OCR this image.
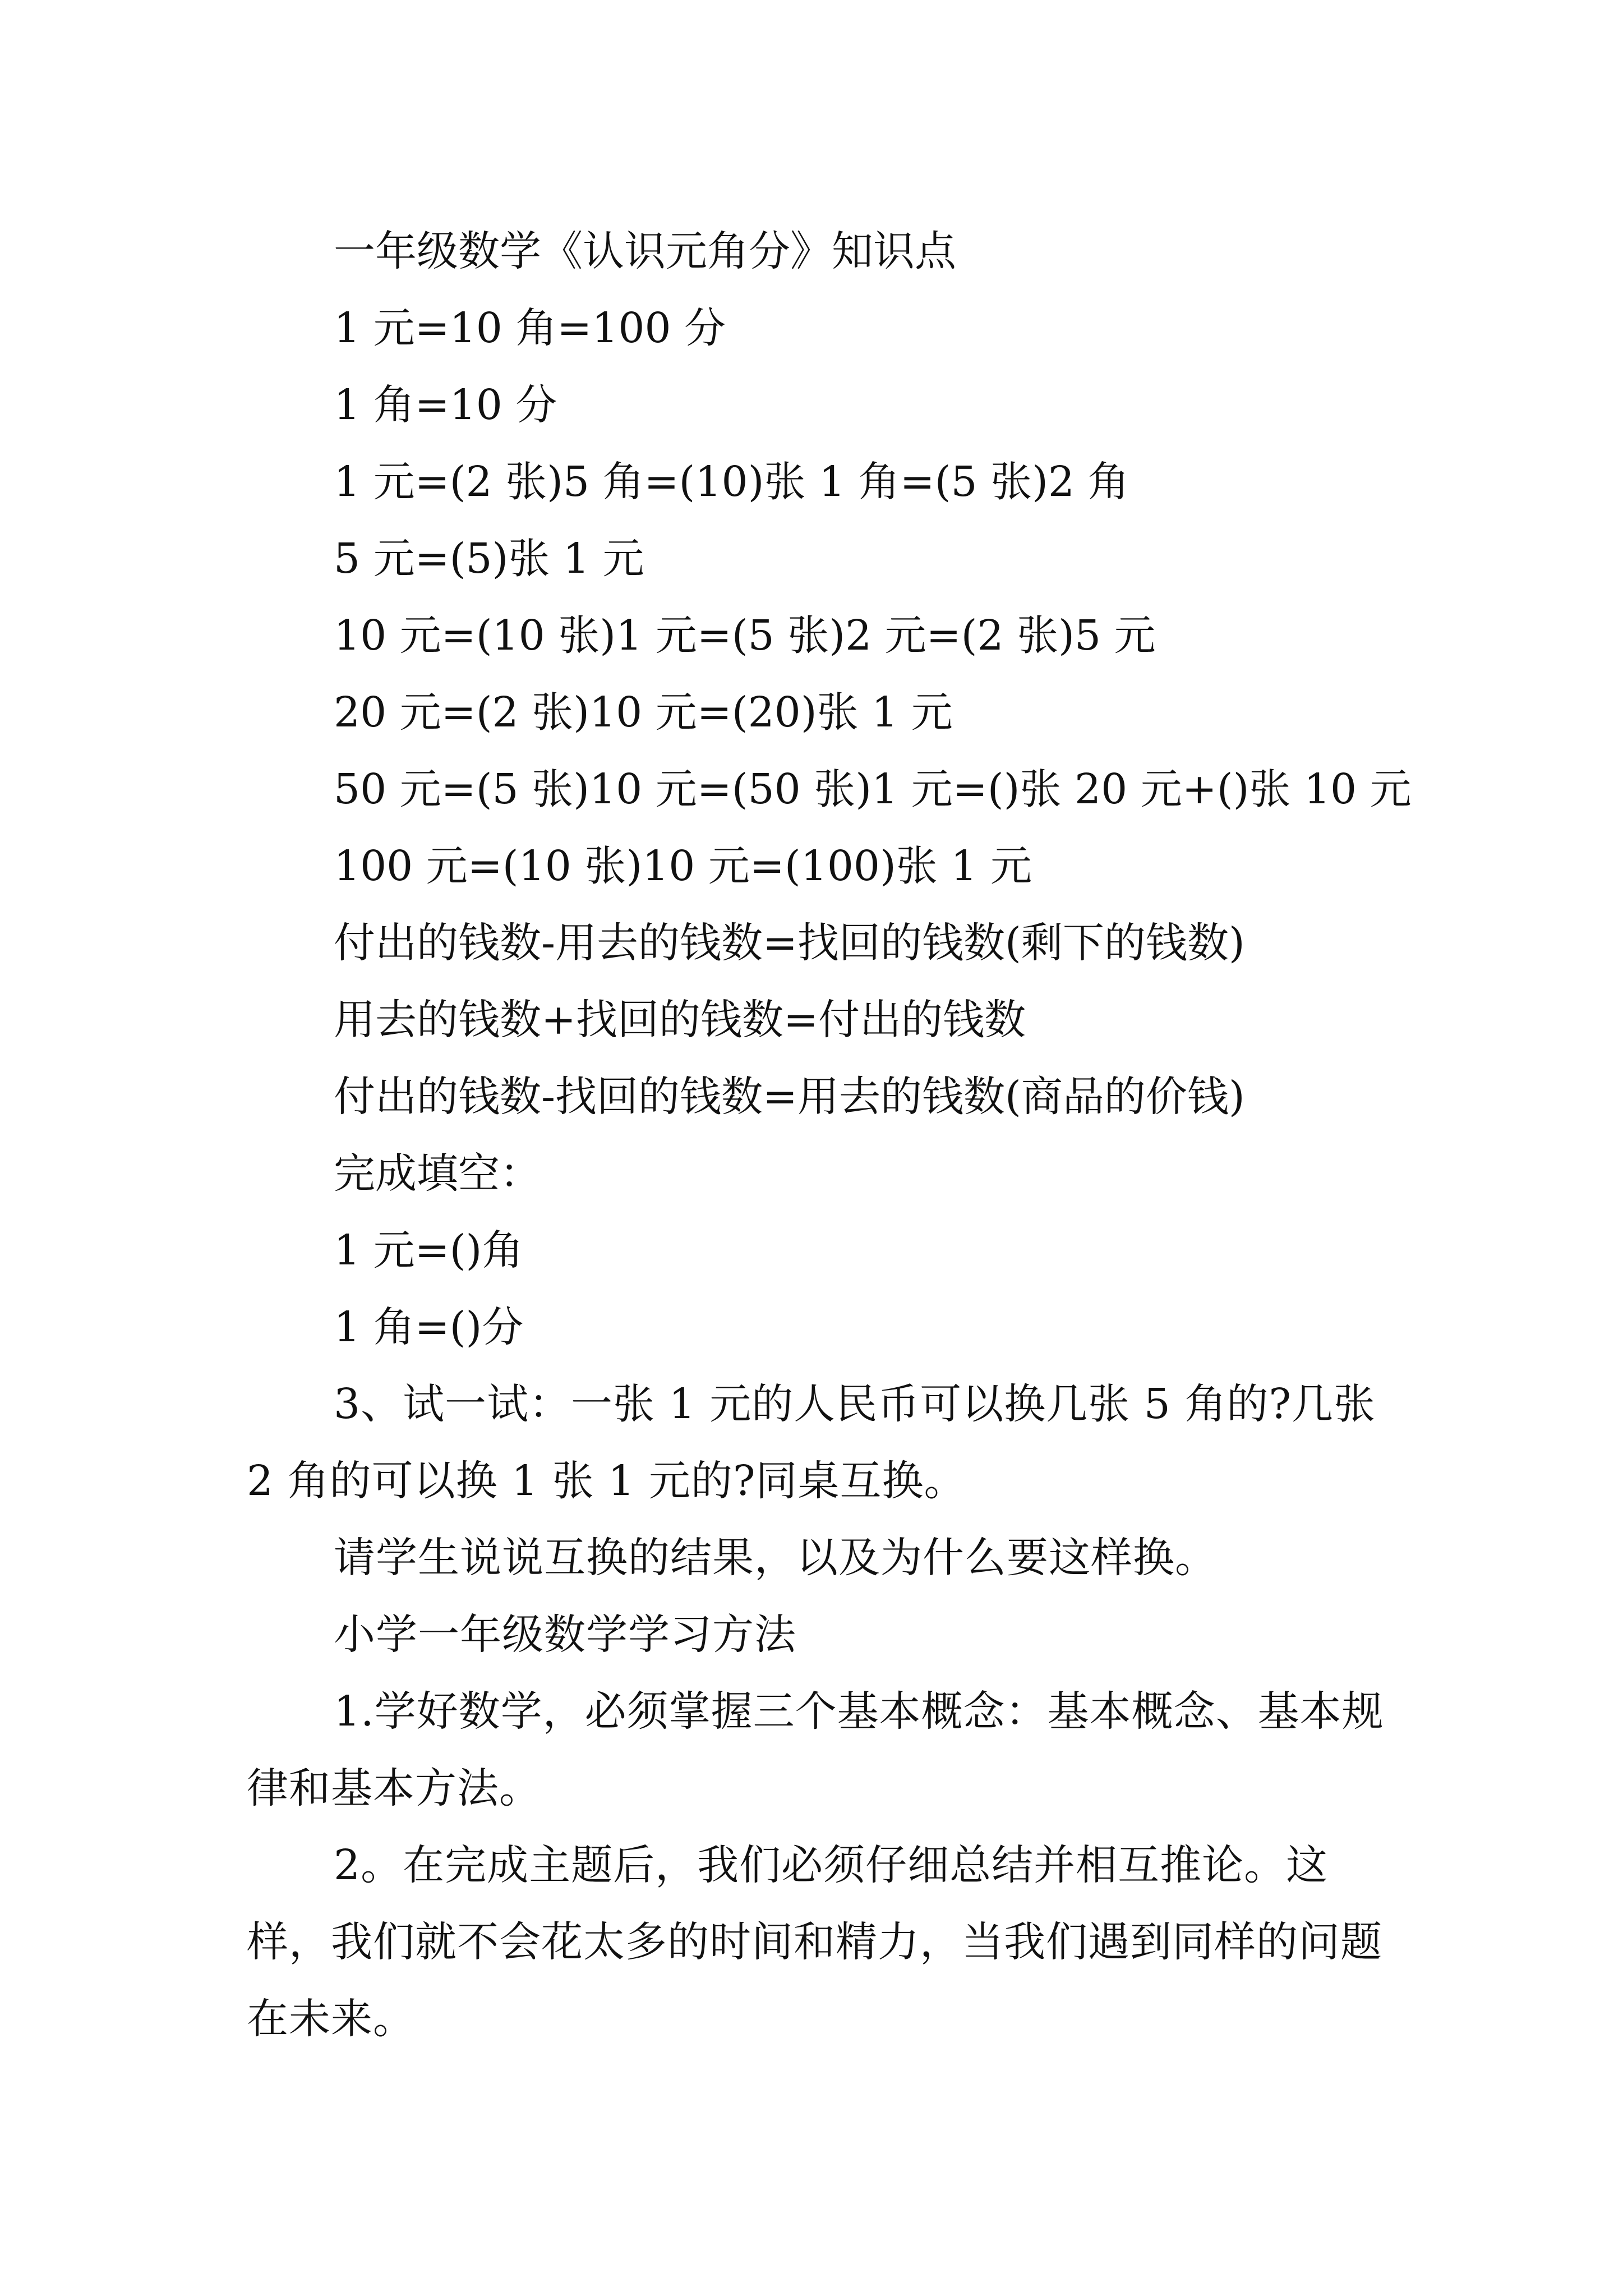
一年级数学《认识元角分》知识点
1 元=10 角=100 分
1 角=10 分
1 元=(2 张)5 角=(10)张 1 角=(5 张)2 角
5 元=(5)张 1 元
10 元=(10 张)1 元=(5 张)2 元=(2 张)5 元
20 元=(2 张)10 元=(20)张 1 元
50 元=(5 张)10 元=(50 张)1 元=()张 20 元+()张 10 元
100 元=(10 张)10 元=(100)张 1 元
付出的钱数-用去的钱数=找回的钱数(剩下的钱数)
用去的钱数+找回的钱数=付出的钱数
付出的钱数-找回的钱数=用去的钱数(商品的价钱)
完成填空：
1 元=()角
1 角=()分
3、试一试：一张 1 元的人民币可以换几张 5 角的?几张 2 角的可以换 1 张 1 元的?同桌互换。
请学生说说互换的结果，以及为什么要这样换。
小学一年级数学学习方法
1.学好数学，必须掌握三个基本概念：基本概念、基本规律和基本方法。
2。在完成主题后，我们必须仔细总结并相互推论。这样，我们就不会花太多的时间和精力，当我们遇到同样的问题在未来。
